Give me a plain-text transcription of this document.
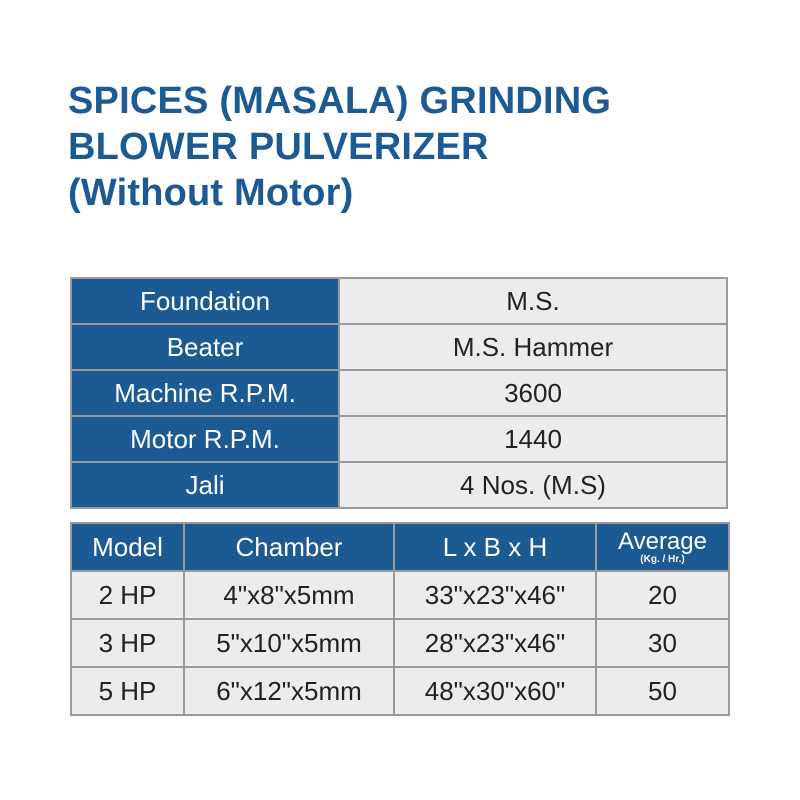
SPICES (MASALA) GRINDING
BLOWER PULVERIZER
(Without Motor)
Foundation	M.S.
Beater	M.S. Hammer
Machine R.P.M.	3600
Motor R.P.M.	1440
Jali	4 Nos. (M.S)
Model	Chamber	L x B x H	Average
(Kg. / Hr.)

2 HP	4"x8"x5mm	33"x23"x46"	20
3 HP	5"x10"x5mm	28"x23"x46"	30
5 HP	6"x12"x5mm	48"x30"x60"	50
